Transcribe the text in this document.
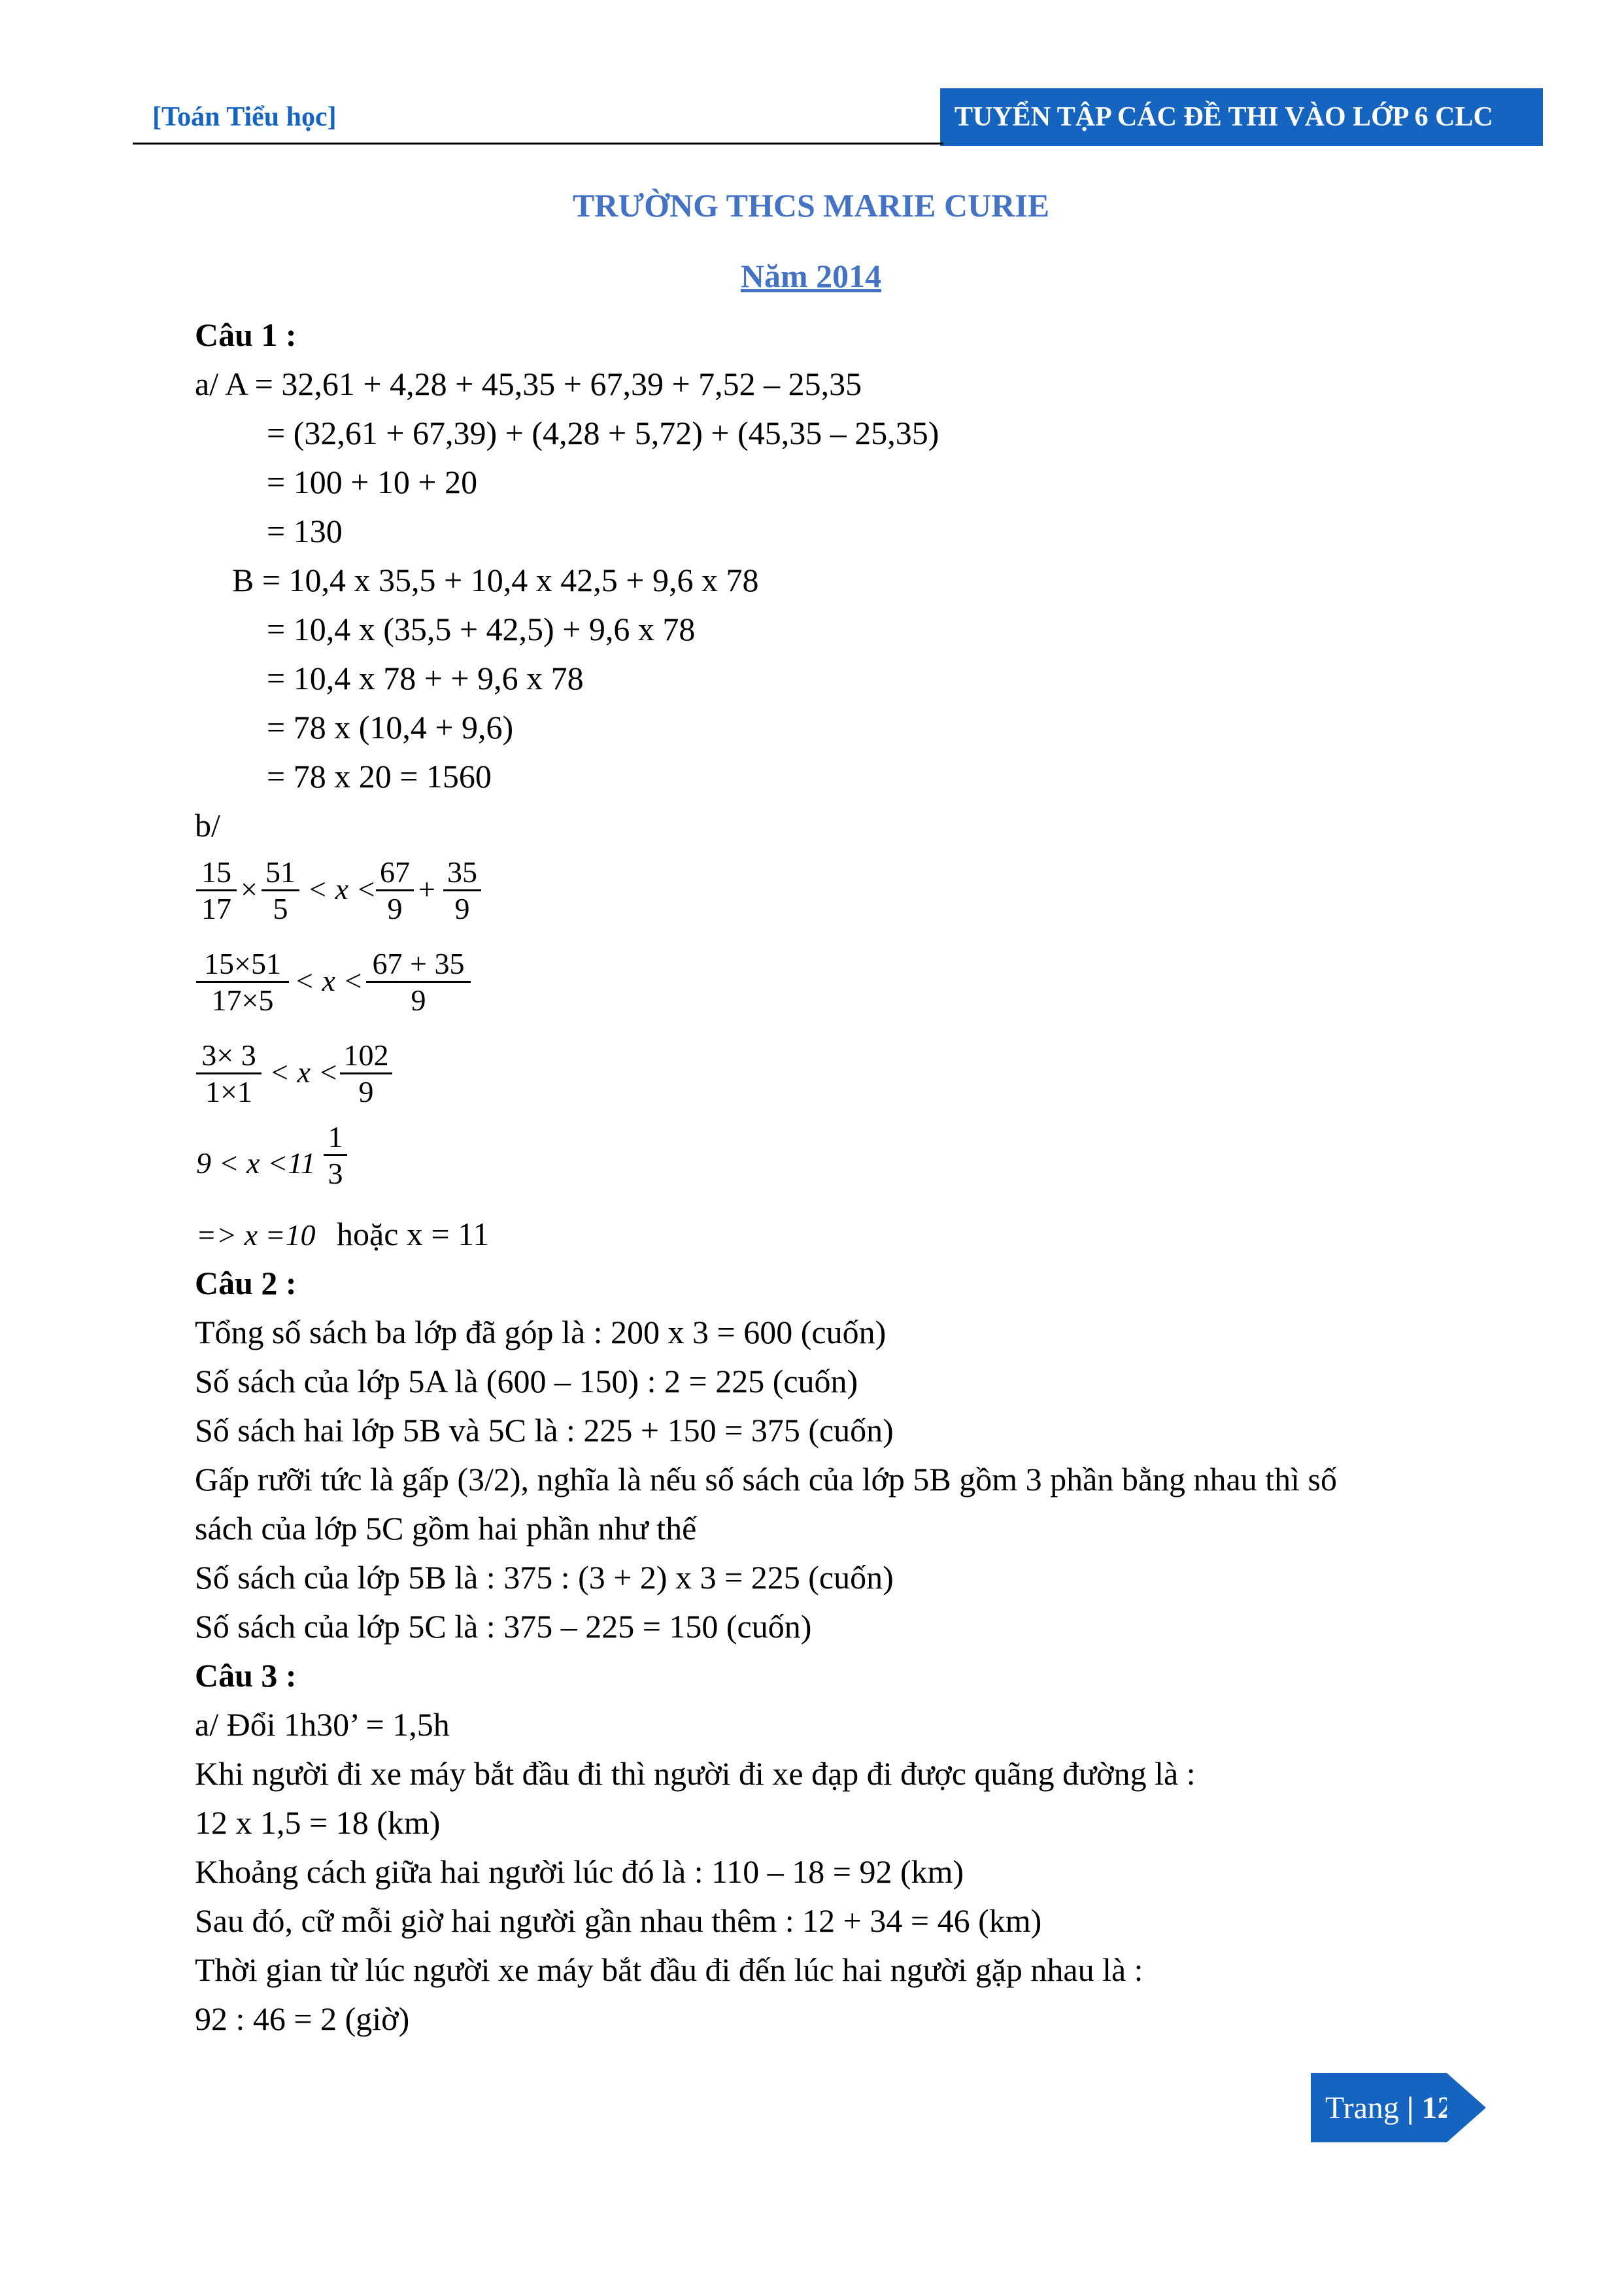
[Toán Tiểu học]	TUYỂN TẬP CÁC ĐỀ THI VÀO LỚP 6 CLC
TRƯỜNG THCS MARIE CURIE
Năm 2014
Câu 1 :
a/ A = 32,61 + 4,28 + 45,35 + 67,39 + 7,52 – 25,35
= (32,61 + 67,39) + (4,28 + 5,72) + (45,35 – 25,35)
= 100 + 10 + 20
= 130
B = 10,4 x 35,5 + 10,4 x 42,5 + 9,6 x 78
= 10,4 x (35,5 + 42,5) + 9,6 x 78
= 10,4 x 78 + + 9,6 x 78
= 78 x (10,4 + 9,6)
= 78 x 20 = 1560
b/
15
17
×
51
5
< x <
67
9
+
35
9
15×51
17×5
< x <
67 + 35
9
3× 3
1×1
< x <
102
9
9 < x <11
1
3
=> x =10 hoặc x = 11
Câu 2 :
Tổng số sách ba lớp đã góp là : 200 x 3 = 600 (cuốn)
Số sách của lớp 5A là (600 – 150) : 2 = 225 (cuốn)
Số sách hai lớp 5B và 5C là : 225 + 150 = 375 (cuốn)
Gấp rưỡi tức là gấp (3/2), nghĩa là nếu số sách của lớp 5B gồm 3 phần bằng nhau thì số
sách của lớp 5C gồm hai phần như thế
Số sách của lớp 5B là : 375 : (3 + 2) x 3 = 225 (cuốn)
Số sách của lớp 5C là : 375 – 225 = 150 (cuốn)
Câu 3 :
a/ Đổi 1h30’ = 1,5h
Khi người đi xe máy bắt đầu đi thì người đi xe đạp đi được quãng đường là :
12 x 1,5 = 18 (km)
Khoảng cách giữa hai người lúc đó là : 110 – 18 = 92 (km)
Sau đó, cữ mỗi giờ hai người gần nhau thêm : 12 + 34 = 46 (km)
Thời gian từ lúc người xe máy bắt đầu đi đến lúc hai người gặp nhau là :
92 : 46 = 2 (giờ)
Trang
|
123
